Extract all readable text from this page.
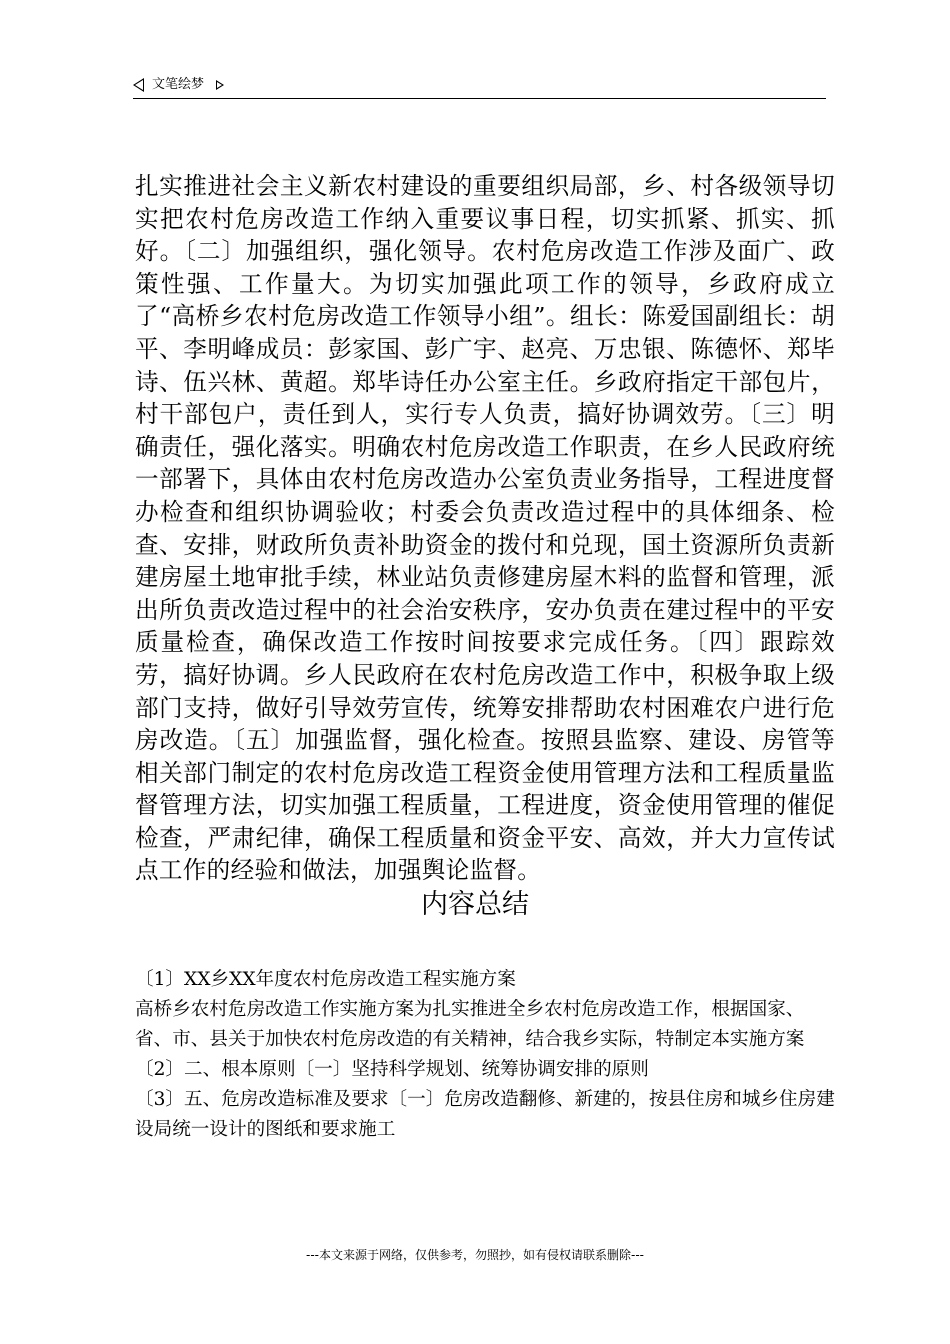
文笔绘梦

扎实推进社会主义新农村建设的重要组织局部，乡、村各级领导切实把农村危房改造工作纳入重要议事日程，切实抓紧、抓实、抓好。〔二〕加强组织，强化领导。农村危房改造工作涉及面广、政策性强、工作量大。为切实加强此项工作的领导，乡政府成立了“高桥乡农村危房改造工作领导小组”。组长：陈爱国副组长：胡平、李明峰成员：彭家国、彭广宇、赵亮、万忠银、陈德怀、郑毕诗、伍兴林、黄超。郑毕诗任办公室主任。乡政府指定干部包片，村干部包户，责任到人，实行专人负责，搞好协调效劳。〔三〕明确责任，强化落实。明确农村危房改造工作职责，在乡人民政府统一部署下，具体由农村危房改造办公室负责业务指导，工程进度督办检查和组织协调验收；村委会负责改造过程中的具体细条、检查、安排，财政所负责补助资金的拨付和兑现，国土资源所负责新建房屋土地审批手续，林业站负责修建房屋木料的监督和管理，派出所负责改造过程中的社会治安秩序，安办负责在建过程中的平安质量检查，确保改造工作按时间按要求完成任务。〔四〕跟踪效劳，搞好协调。乡人民政府在农村危房改造工作中，积极争取上级部门支持，做好引导效劳宣传，统筹安排帮助农村困难农户进行危房改造。〔五〕加强监督，强化检查。按照县监察、建设、房管等相关部门制定的农村危房改造工程资金使用管理方法和工程质量监督管理方法，切实加强工程质量，工程进度，资金使用管理的催促检查，严肃纪律，确保工程质量和资金平安、高效，并大力宣传试点工作的经验和做法，加强舆论监督。

内容总结

〔1〕XX乡XX年度农村危房改造工程实施方案

高桥乡农村危房改造工作实施方案为扎实推进全乡农村危房改造工作，根据国家、省、市、县关于加快农村危房改造的有关精神，结合我乡实际，特制定本实施方案

〔2〕二、根本原则〔一〕坚持科学规划、统筹协调安排的原则

〔3〕五、危房改造标准及要求〔一〕危房改造翻修、新建的，按县住房和城乡住房建设局统一设计的图纸和要求施工

---本文来源于网络，仅供参考，勿照抄，如有侵权请联系删除---
